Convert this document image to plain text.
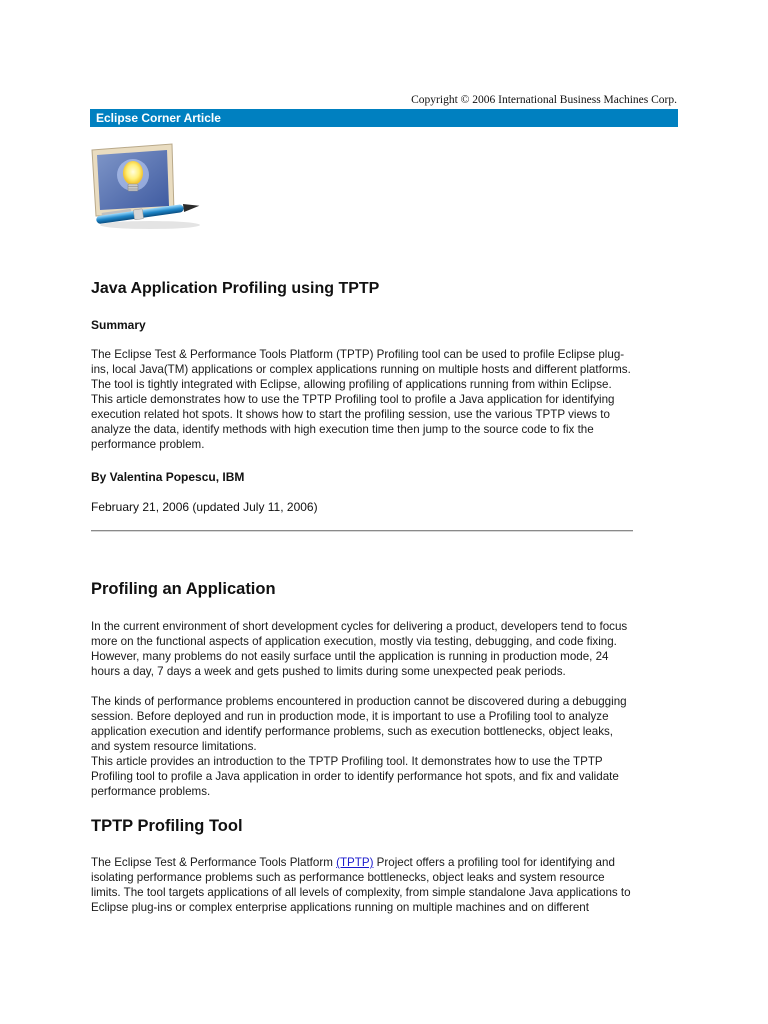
Copyright © 2006 International Business Machines Corp.
Eclipse Corner Article
Java Application Profiling using TPTP
Summary
The Eclipse Test & Performance Tools Platform (TPTP) Profiling tool can be used to profile Eclipse plug-
ins, local Java(TM) applications or complex applications running on multiple hosts and different platforms.
The tool is tightly integrated with Eclipse, allowing profiling of applications running from within Eclipse.
This article demonstrates how to use the TPTP Profiling tool to profile a Java application for identifying
execution related hot spots. It shows how to start the profiling session, use the various TPTP views to
analyze the data, identify methods with high execution time then jump to the source code to fix the
performance problem.
By Valentina Popescu, IBM
February 21, 2006 (updated July 11, 2006)
Profiling an Application
In the current environment of short development cycles for delivering a product, developers tend to focus
more on the functional aspects of application execution, mostly via testing, debugging, and code fixing.
However, many problems do not easily surface until the application is running in production mode, 24
hours a day, 7 days a week and gets pushed to limits during some unexpected peak periods.
The kinds of performance problems encountered in production cannot be discovered during a debugging
session. Before deployed and run in production mode, it is important to use a Profiling tool to analyze
application execution and identify performance problems, such as execution bottlenecks, object leaks,
and system resource limitations.
This article provides an introduction to the TPTP Profiling tool. It demonstrates how to use the TPTP
Profiling tool to profile a Java application in order to identify performance hot spots, and fix and validate
performance problems.
TPTP Profiling Tool
The Eclipse Test & Performance Tools Platform (TPTP) Project offers a profiling tool for identifying and
isolating performance problems such as performance bottlenecks, object leaks and system resource
limits. The tool targets applications of all levels of complexity, from simple standalone Java applications to
Eclipse plug-ins or complex enterprise applications running on multiple machines and on different
